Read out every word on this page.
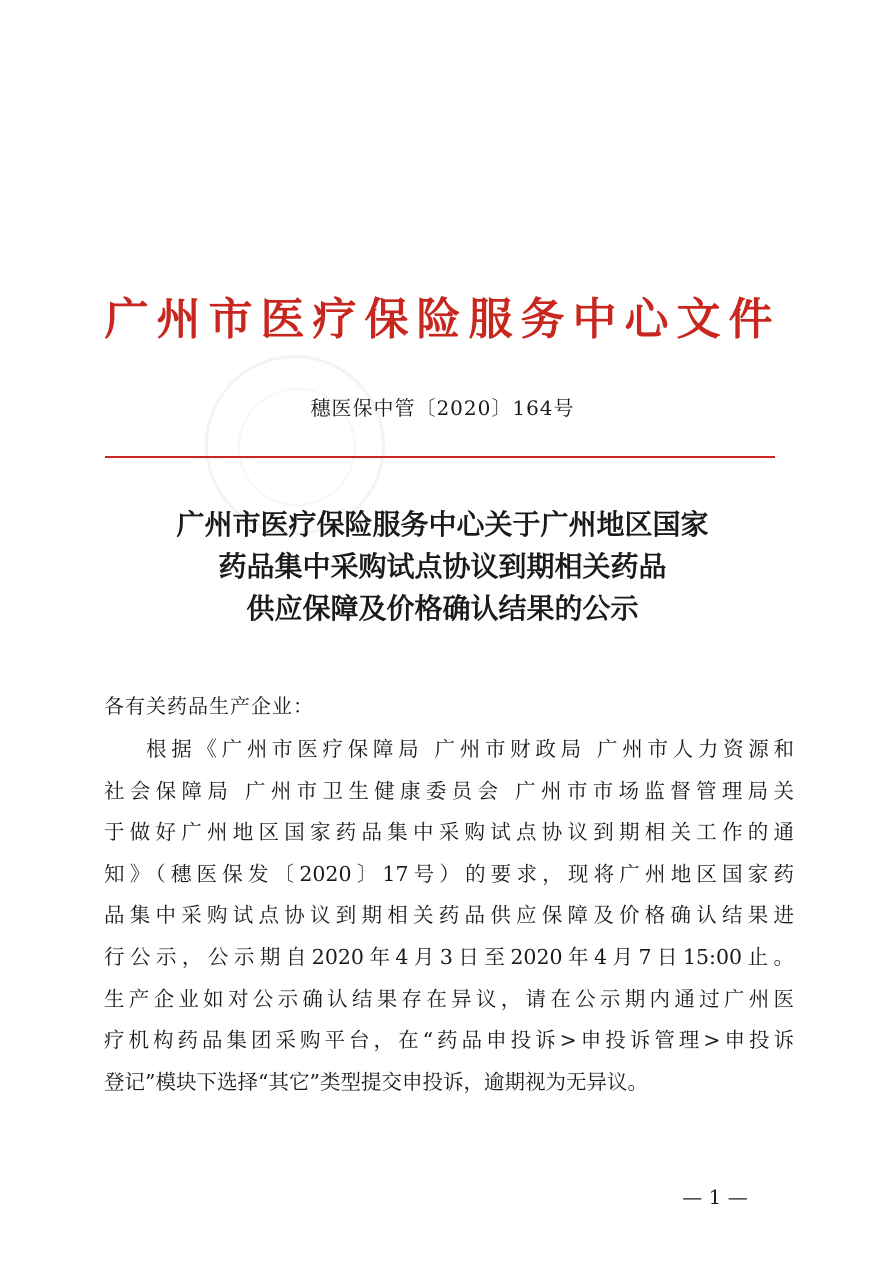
广州市医疗保险服务中心文件
穗医保中管〔2020〕164号
广州市医疗保险服务中心关于广州地区国家
药品集中采购试点协议到期相关药品
供应保障及价格确认结果的公示
各有关药品生产企业：
根据《广州市医疗保障局 广州市财政局 广州市人力资源和
社会保障局 广州市卫生健康委员会 广州市市场监督管理局关
于做好广州地区国家药品集中采购试点协议到期相关工作的通
知》（穗医保发〔2020〕17号）的要求，现将广州地区国家药
品集中采购试点协议到期相关药品供应保障及价格确认结果进
行公示，公示期自2020年4月3日至2020年4月7日15:00止。
生产企业如对公示确认结果存在异议，请在公示期内通过广州医
疗机构药品集团采购平台，在“药品申投诉>申投诉管理>申投诉
登记”模块下选择“其它”类型提交申投诉，逾期视为无异议。
— 1 —
